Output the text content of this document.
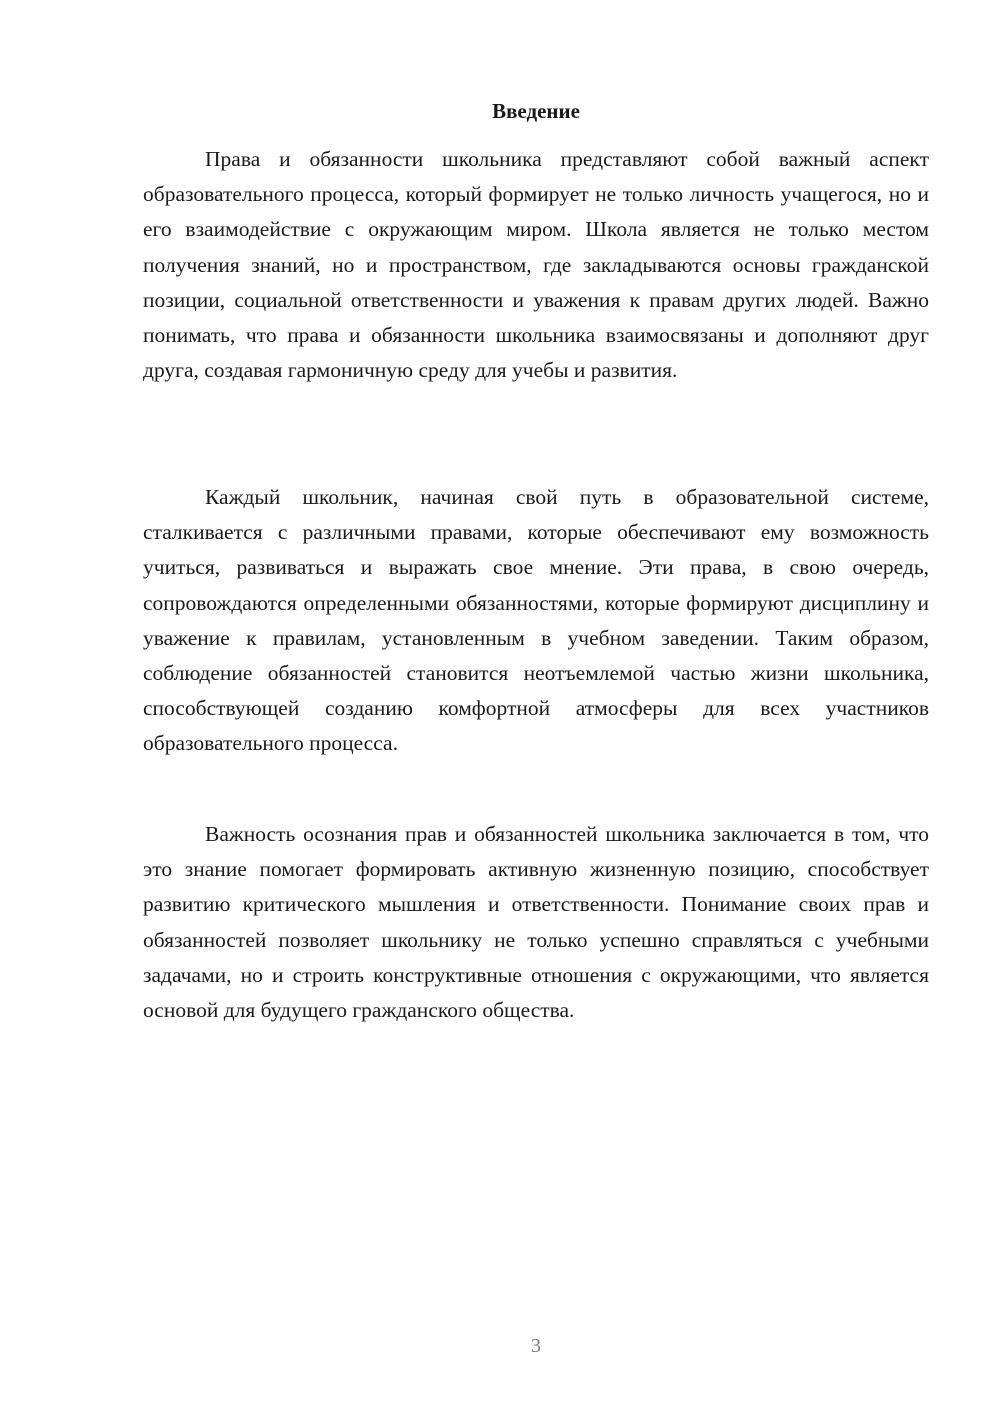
Введение

Права и обязанности школьника представляют собой важный аспект образовательного процесса, который формирует не только личность учащегося, но и его взаимодействие с окружающим миром. Школа является не только местом получения знаний, но и пространством, где закладываются основы гражданской позиции, социальной ответственности и уважения к правам других людей. Важно понимать, что права и обязанности школьника взаимосвязаны и дополняют друг друга, создавая гармоничную среду для учебы и развития.

Каждый школьник, начиная свой путь в образовательной системе, сталкивается с различными правами, которые обеспечивают ему возможность учиться, развиваться и выражать свое мнение. Эти права, в свою очередь, сопровождаются определенными обязанностями, которые формируют дисциплину и уважение к правилам, установленным в учебном заведении. Таким образом, соблюдение обязанностей становится неотъемлемой частью жизни школьника, способствующей созданию комфортной атмосферы для всех участников образовательного процесса.

Важность осознания прав и обязанностей школьника заключается в том, что это знание помогает формировать активную жизненную позицию, способствует развитию критического мышления и ответственности. Понимание своих прав и обязанностей позволяет школьнику не только успешно справляться с учебными задачами, но и строить конструктивные отношения с окружающими, что является основой для будущего гражданского общества.

3
